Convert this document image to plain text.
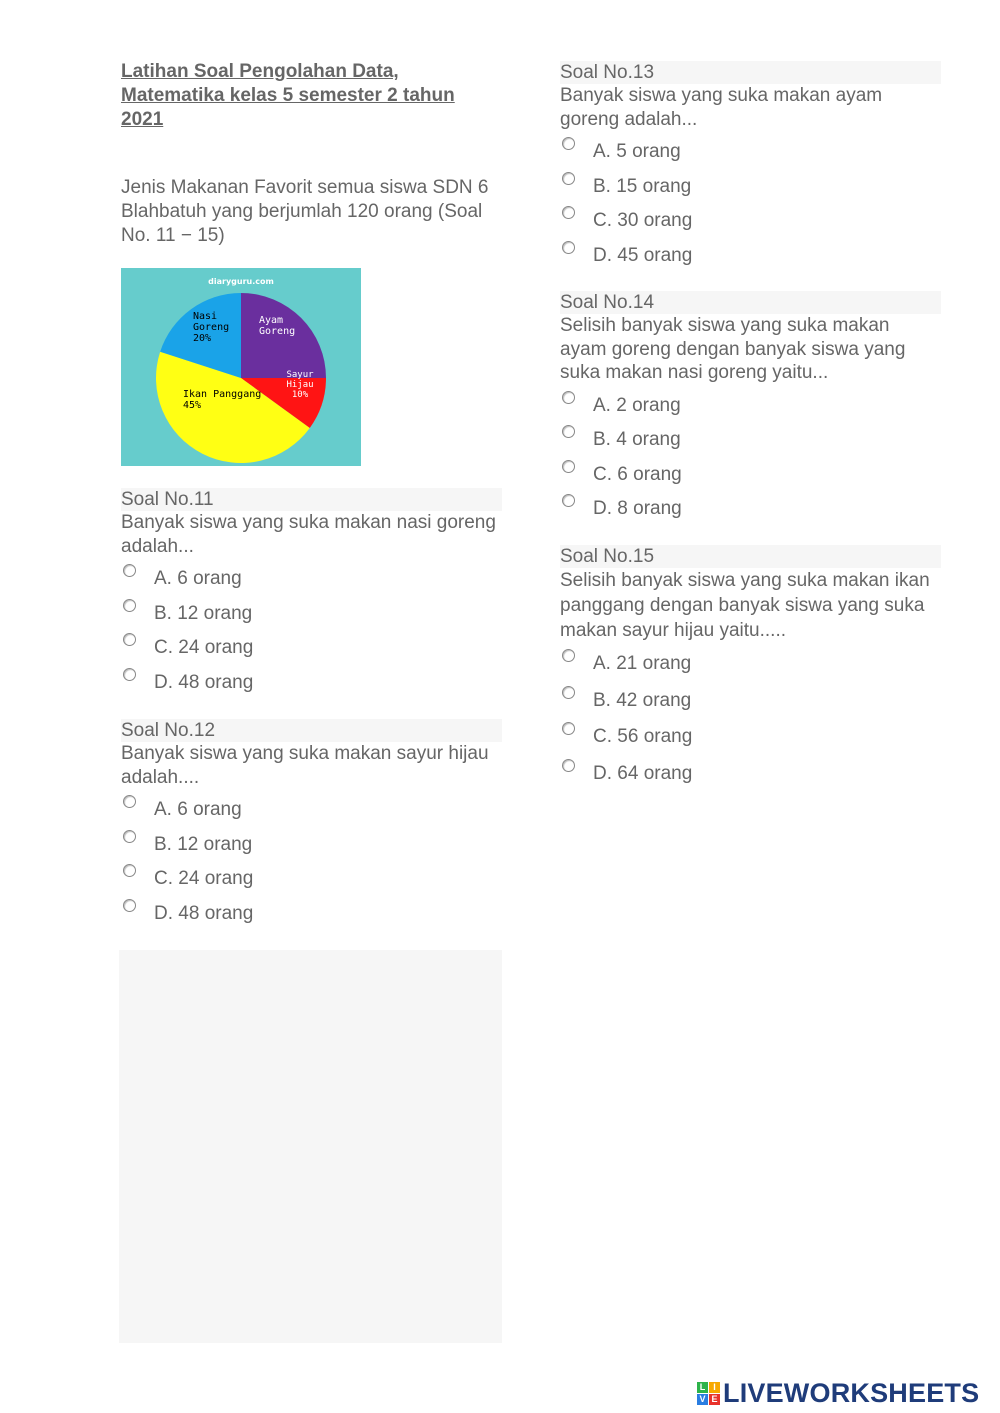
Latihan Soal Pengolahan Data, Matematika kelas 5 semester 2 tahun 2021

Jenis Makanan Favorit semua siswa SDN 6 Blahbatuh yang berjumlah 120 orang (Soal No. 11 − 15)

diaryguru.com
Ayam Goreng
Sayur Hijau 10%
Ikan Panggang 45%
Nasi Goreng 20%

Soal No.11

Banyak siswa yang suka makan nasi goreng adalah...

A. 6 orang
B. 12 orang
C. 24 orang
D. 48 orang

Soal No.12

Banyak siswa yang suka makan sayur hijau adalah....

A. 6 orang
B. 12 orang
C. 24 orang
D. 48 orang

Soal No.13

Banyak siswa yang suka makan ayam goreng adalah...

A. 5 orang
B. 15 orang
C. 30 orang
D. 45 orang

Soal No.14

Selisih banyak siswa yang suka makan ayam goreng dengan banyak siswa yang suka makan nasi goreng yaitu...

A. 2 orang
B. 4 orang
C. 6 orang
D. 8 orang

Soal No.15

Selisih banyak siswa yang suka makan ikan panggang dengan banyak siswa yang suka makan sayur hijau yaitu.....

A. 21 orang
B. 42 orang
C. 56 orang
D. 64 orang
L I
V E LIVEWORKSHEETS
